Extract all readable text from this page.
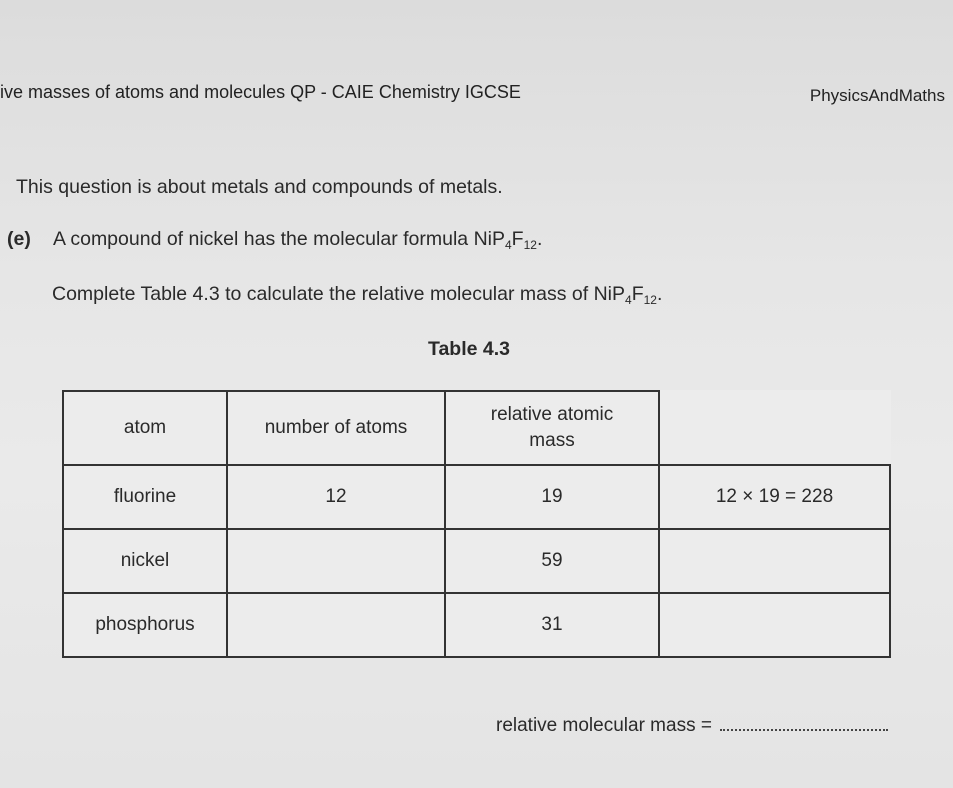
ive masses of atoms and molecules QP - CAIE Chemistry IGCSE	PhysicsAndMaths
This question is about metals and compounds of metals.
(e) A compound of nickel has the molecular formula $NiP_4F_{12}$.
Complete Table 4.3 to calculate the relative molecular mass of $NiP_4F_{12}$.
Table 4.3
atom	number of atoms	relative atomic mass	
fluorine	12	19	12 × 19 = 228
nickel		59	
phosphorus		31	
relative molecular mass =
